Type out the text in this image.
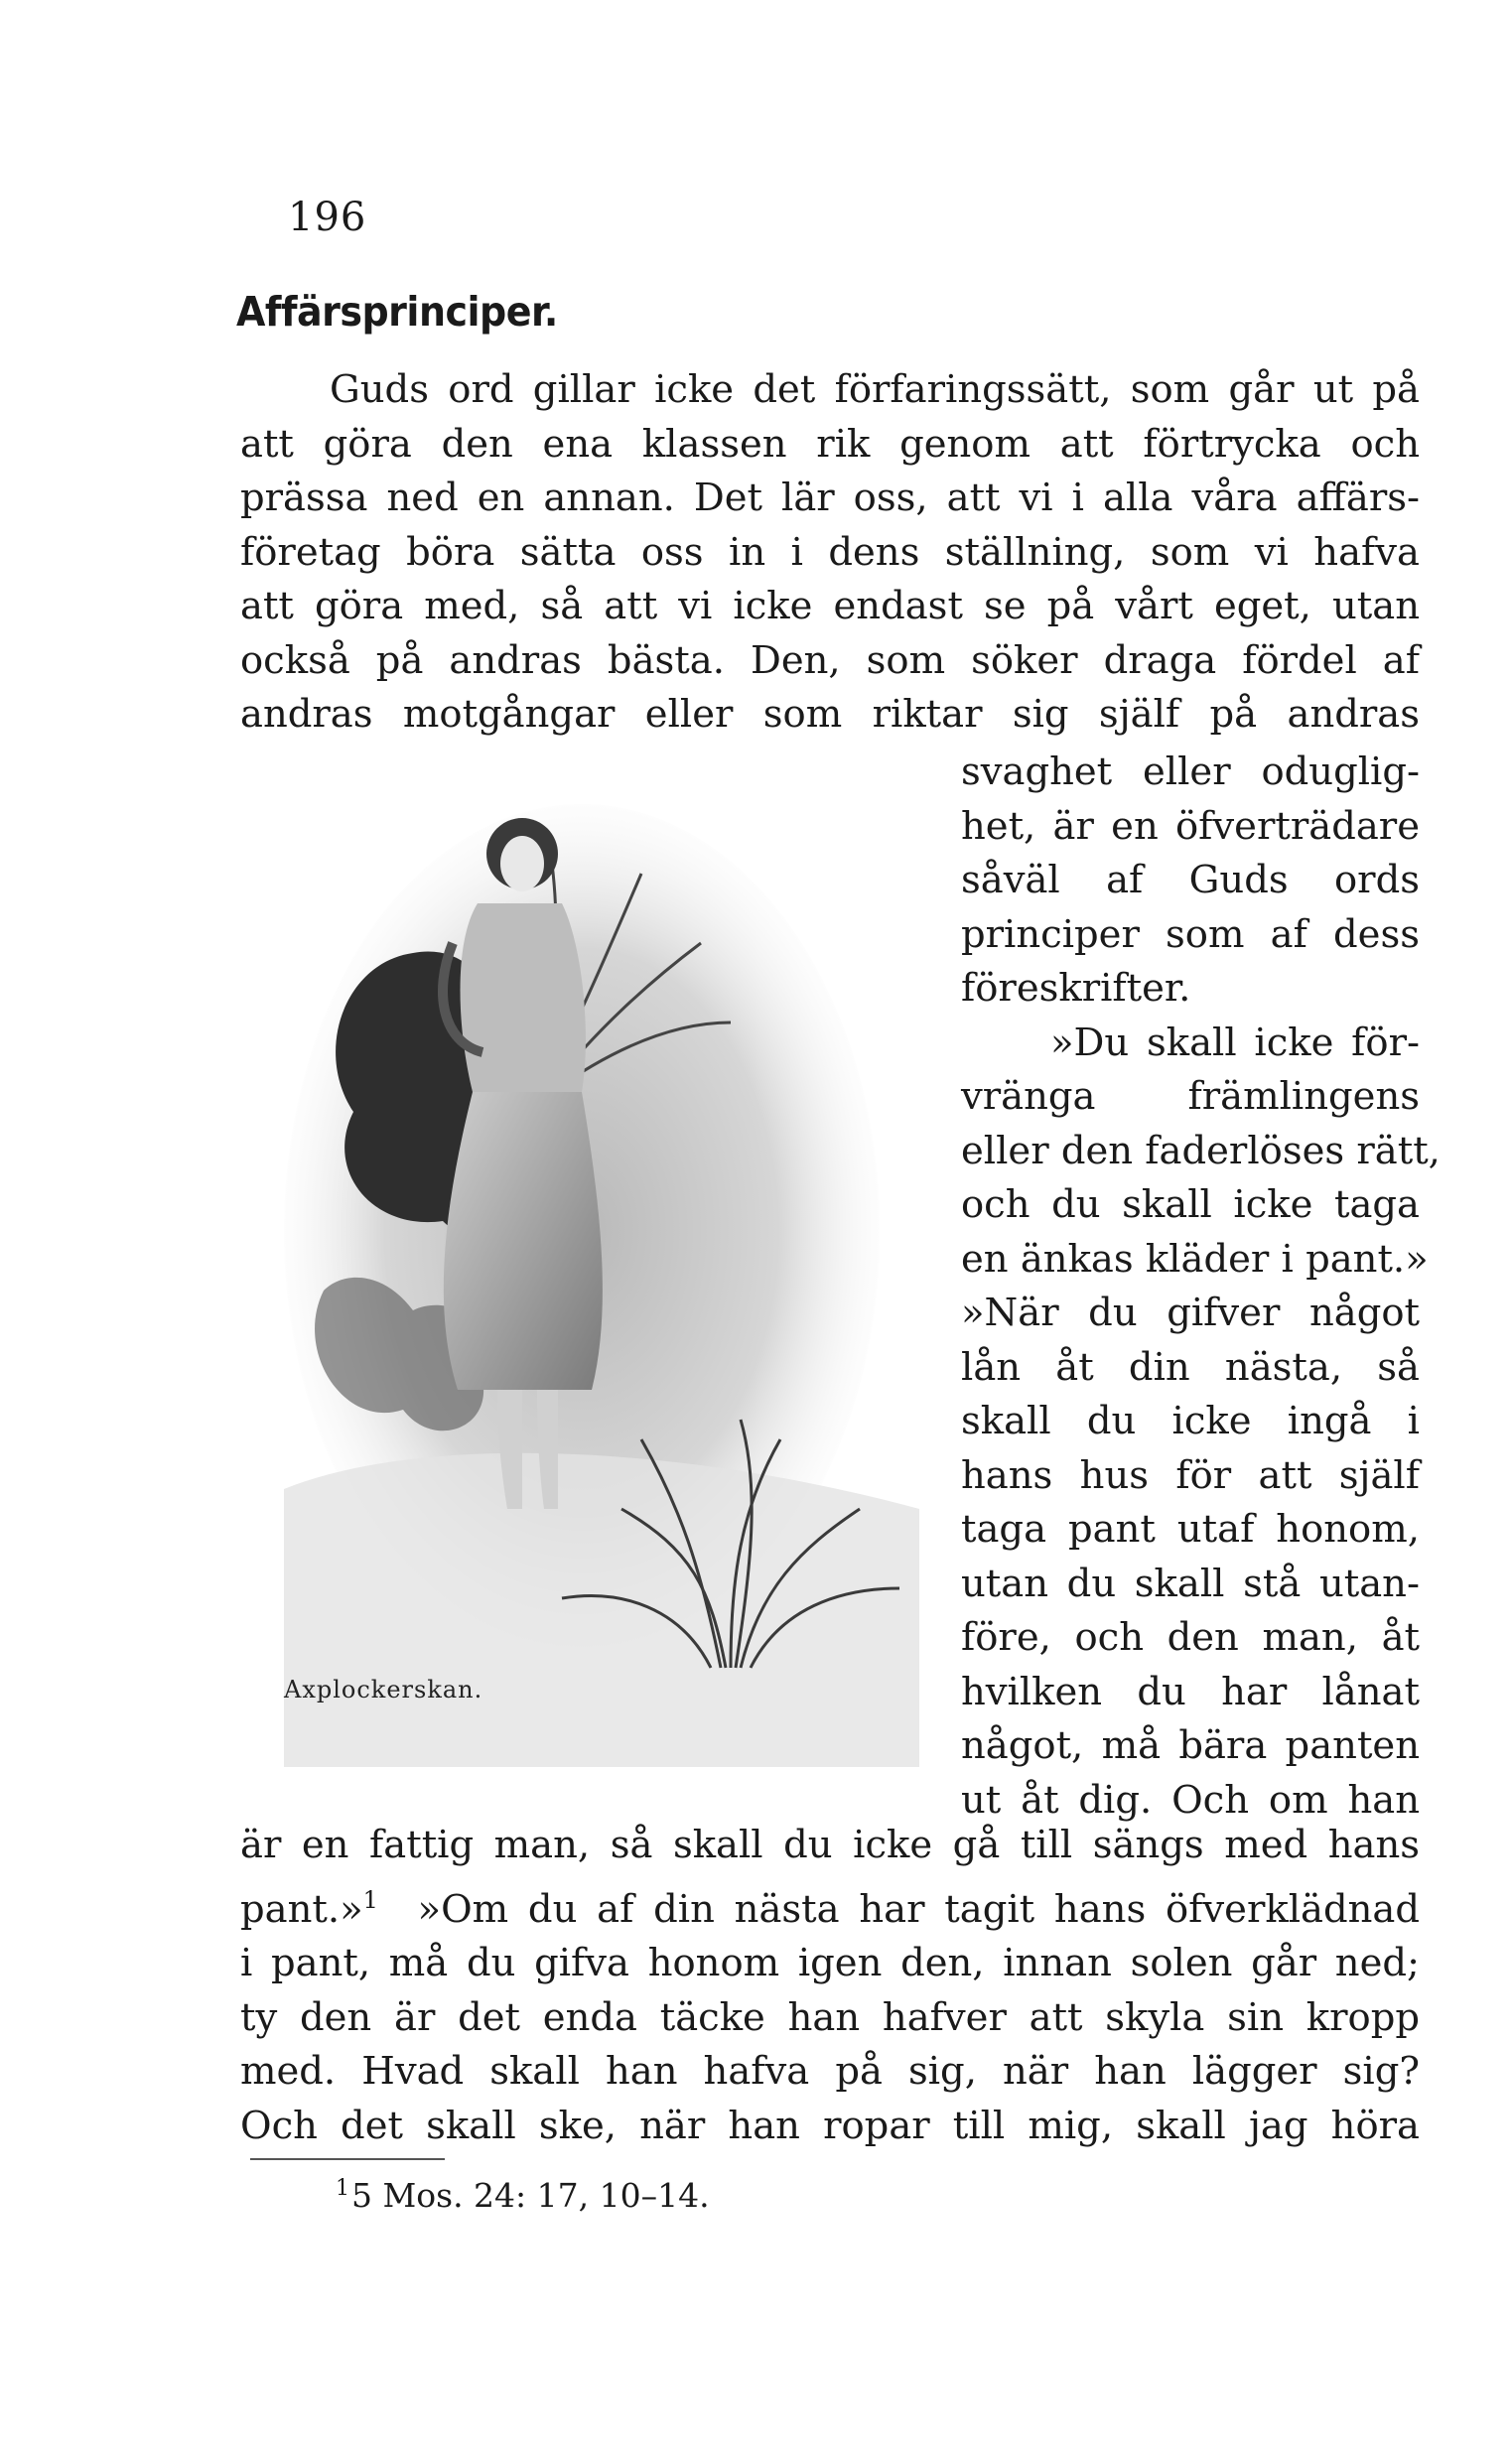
196
Affärsprinciper.
Guds ord gillar icke det förfaringssätt, som går ut på
att göra den ena klassen rik genom att förtrycka och
prässa ned en annan. Det lär oss, att vi i alla våra affärs-
företag böra sätta oss in i dens ställning, som vi hafva
att göra med, så att vi icke endast se på vårt eget, utan
också på andras bästa. Den, som söker draga fördel af
andras motgångar eller som riktar sig själf på andras
Axplockerskan.
svaghet eller oduglig-
het, är en öfverträdare
såväl af Guds ords
principer som af dess
föreskrifter.
»Du skall icke för-
vränga främlingens
eller den faderlöses rätt,
och du skall icke taga
en änkas kläder i pant.»
»När du gifver något
lån åt din nästa, så
skall du icke ingå i
hans hus för att själf
taga pant utaf honom,
utan du skall stå utan-
före, och den man, åt
hvilken du har lånat
något, må bära panten
ut åt dig. Och om han
är en fattig man, så skall du icke gå till sängs med hans
pant.»$^1$ »Om du af din nästa har tagit hans öfverklädnad
i pant, må du gifva honom igen den, innan solen går ned;
ty den är det enda täcke han hafver att skyla sin kropp
med. Hvad skall han hafva på sig, när han lägger sig?
Och det skall ske, när han ropar till mig, skall jag höra
$^1$5 Mos. 24: 17, 10–14.
